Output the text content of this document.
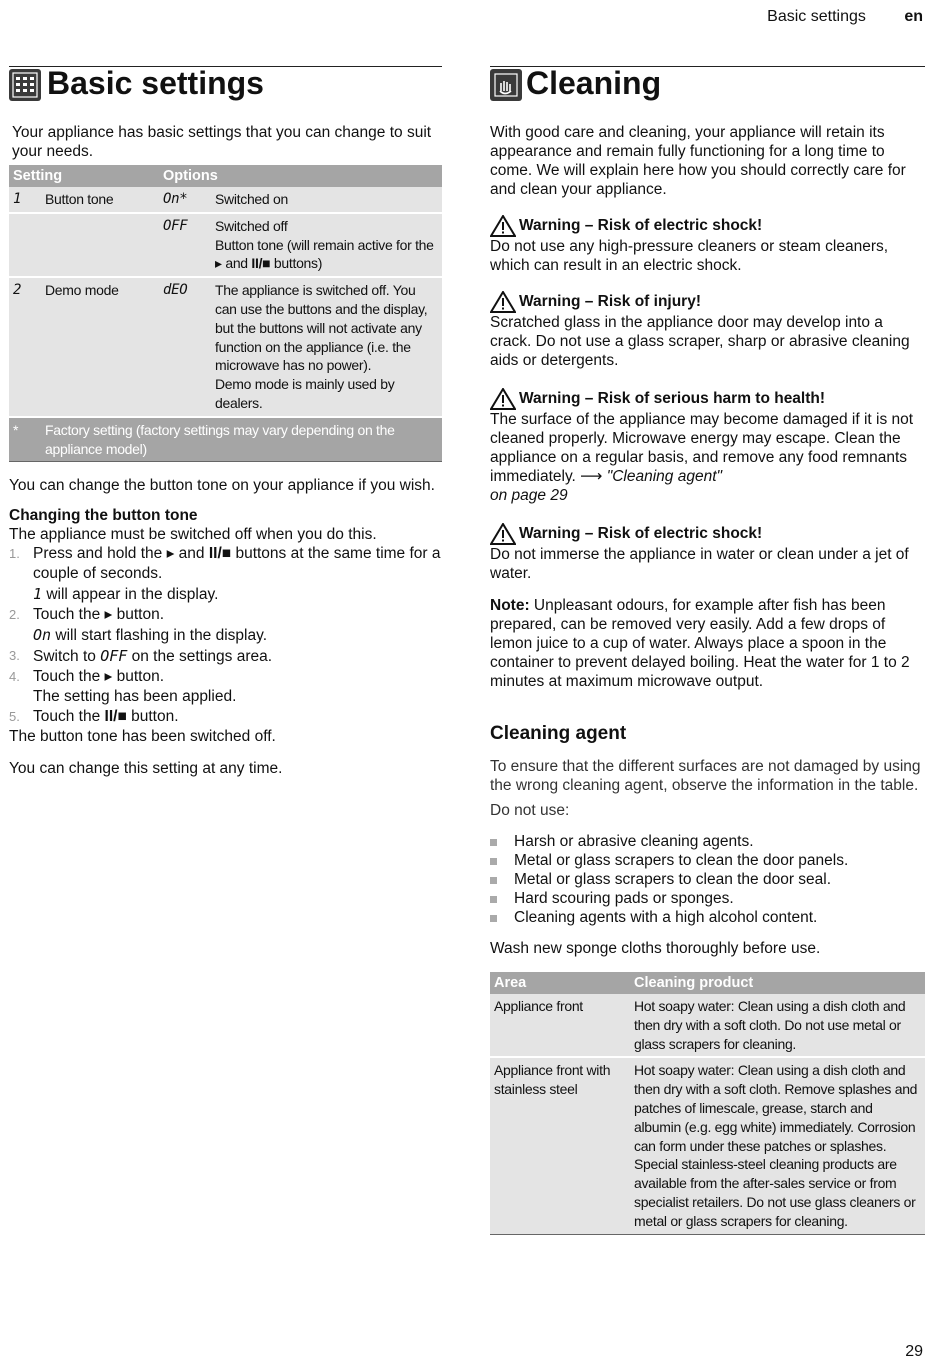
Basic settings en
Basic settings

Your appliance has basic settings that you can change to suit your needs.

Setting		Options	
1	Button tone	On*	Switched on
		OFF	Switched off
Button tone (will remain active for the ▸ and II/■ buttons)
2	Demo mode	dEO	The appliance is switched off. You can use the buttons and the display, but the buttons will not activate any function on the appliance (i.e. the microwave has no power).
Demo mode is mainly used by dealers.
*	Factory setting (factory settings may vary depending on the appliance model)		

You can change the button tone on your appliance if you wish.

Changing the button tone

The appliance must be switched off when you do this.

1. Press and hold the ▸ and II/■ buttons at the same time for a couple of seconds.
1 will appear in the display.
2. Touch the ▸ button.
On will start flashing in the display.
3. Switch to OFF on the settings area.
4. Touch the ▸ button.
The setting has been applied.
5. Touch the II/■ button.

The button tone has been switched off.

You can change this setting at any time.

Cleaning

With good care and cleaning, your appliance will retain its appearance and remain fully functioning for a long time to come. We will explain here how you should correctly care for and clean your appliance.

Warning – Risk of electric shock!

Do not use any high-pressure cleaners or steam cleaners, which can result in an electric shock.

Warning – Risk of injury!

Scratched glass in the appliance door may develop into a crack. Do not use a glass scraper, sharp or abrasive cleaning aids or detergents.

Warning – Risk of serious harm to health!

The surface of the appliance may become damaged if it is not cleaned properly. Microwave energy may escape. Clean the appliance on a regular basis, and remove any food remnants immediately. ⟶ "Cleaning agent"
on page 29

Warning – Risk of electric shock!

Do not immerse the appliance in water or clean under a jet of water.

Note: Unpleasant odours, for example after fish has been prepared, can be removed very easily. Add a few drops of lemon juice to a cup of water. Always place a spoon in the container to prevent delayed boiling. Heat the water for 1 to 2 minutes at maximum microwave output.

Cleaning agent

To ensure that the different surfaces are not damaged by using the wrong cleaning agent, observe the information in the table.

Do not use:

Harsh or abrasive cleaning agents.
Metal or glass scrapers to clean the door panels.
Metal or glass scrapers to clean the door seal.
Hard scouring pads or sponges.
Cleaning agents with a high alcohol content.

Wash new sponge cloths thoroughly before use.

Area	Cleaning product
Appliance front	Hot soapy water: Clean using a dish cloth and then dry with a soft cloth. Do not use metal or glass scrapers for cleaning.
Appliance front with stainless steel	Hot soapy water: Clean using a dish cloth and then dry with a soft cloth. Remove splashes and patches of limescale, grease, starch and albumin (e.g. egg white) immediately. Corrosion can form under these patches or splashes. Special stainless-steel cleaning products are available from the after-sales service or from specialist retailers. Do not use glass cleaners or metal or glass scrapers for cleaning.
29
